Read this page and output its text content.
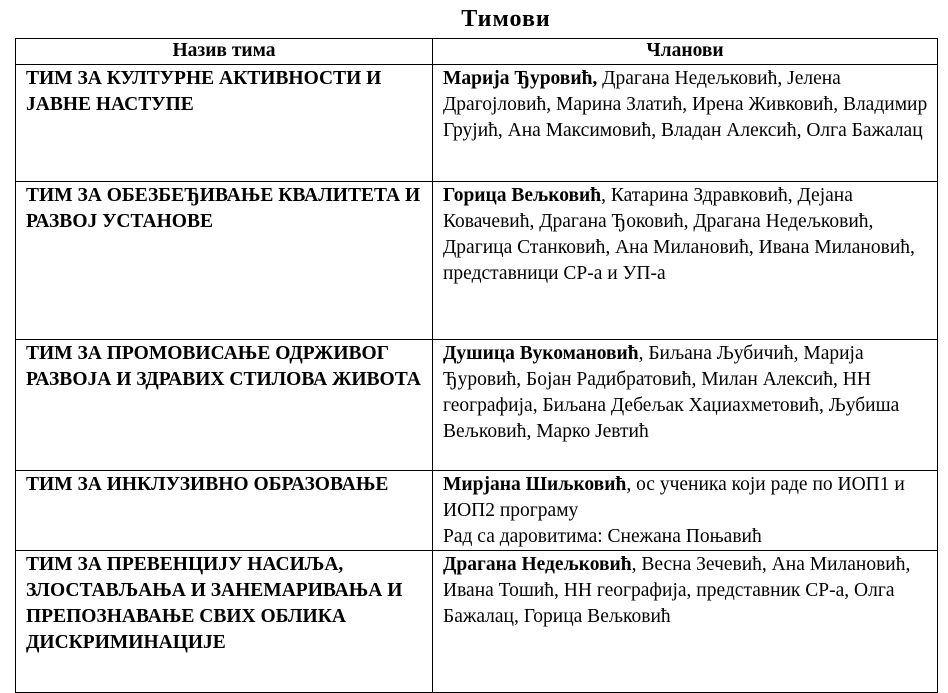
Тимови
Назив тима	Чланови
ТИМ ЗА КУЛТУРНЕ АКТИВНОСТИ И ЈАВНЕ НАСТУПЕ	Марија Ђуровић, Драгана Недељковић, Јелена Драгојловић, Марина Златић, Ирена Живковић, Владимир Грујић, Ана Максимовић, Владан Алексић, Олга Бажалац
ТИМ ЗА ОБЕЗБЕЂИВАЊЕ КВАЛИТЕТА И РАЗВОЈ УСТАНОВЕ	Горица Вељковић, Катарина Здравковић, Дејана Ковачевић, Драгана Ђоковић, Драгана Недељковић, Драгица Станковић, Ана Милановић, Ивана Милановић, представници СР-а и УП-а
ТИМ ЗА ПРОМОВИСАЊЕ ОДРЖИВОГ РАЗВОЈА И ЗДРАВИХ СТИЛОВА ЖИВОТА	Душица Вукомановић, Биљана Љубичић, Марија Ђуровић, Бојан Радибратовић, Милан Алексић, НН географија, Биљана Дебељак Хаџиахметовић, Љубиша Вељковић, Марко Јевтић
ТИМ ЗА ИНКЛУЗИВНО ОБРАЗОВАЊЕ	Мирјана Шиљковић, ос ученика који раде по ИОП1 и ИОП2 програму
Рад са даровитима: Снежана Поњавић

ТИМ ЗА ПРЕВЕНЦИЈУ НАСИЉА, ЗЛОСТАВЉАЊА И ЗАНЕМАРИВАЊА И ПРЕПОЗНАВАЊЕ СВИХ ОБЛИКА ДИСКРИМИНАЦИЈЕ	Драгана Недељковић, Весна Зечевић, Ана Милановић, Ивана Тошић, НН географија, представник СР-а, Олга Бажалац, Горица Вељковић
